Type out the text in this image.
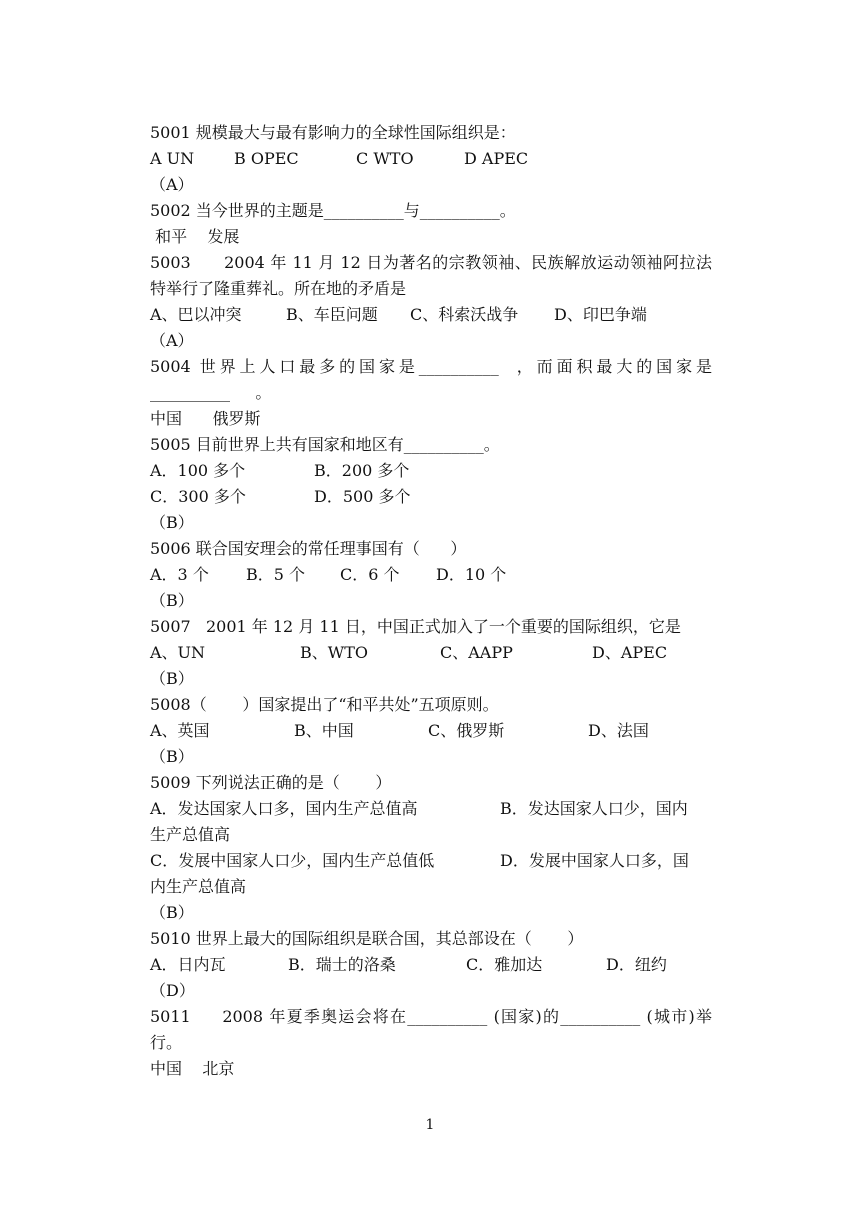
5001 规模最大与最有影响力的全球性国际组织是：
A UN B OPEC	C WTO	D APEC
（A）
5002 当今世界的主题是__________与__________。
和平    发展
5003      2004 年 11 月 12 日为著名的宗教领袖、民族解放运动领袖阿拉法
特举行了隆重葬礼。所在地的矛盾是
A、巴以冲突	B、车臣问题 C、科索沃战争 D、印巴争端
（A）
5004 世界上人口最多的国家是__________  ，而面积最大的国家是
__________     。
中国      俄罗斯
5005 目前世界上共有国家和地区有__________。
A．100 多个	B．200 多个
C．300 多个	D．500 多个
（B）
5006 联合国安理会的常任理事国有（      ）
A．3 个 B．5 个 C．6 个 D．10 个
（B）
5007   2001 年 12 月 11 日，中国正式加入了一个重要的国际组织，它是
A、UN	B、WTO	C、AAPP	D、APEC
（B）
5008（       ）国家提出了“和平共处”五项原则。
A、英国	B、中国	C、俄罗斯	D、法国
（B）
5009 下列说法正确的是（       ）
A．发达国家人口多，国内生产总值高	B．发达国家人口少，国内
生产总值高
C．发展中国家人口少，国内生产总值低	D．发展中国家人口多，国
内生产总值高
（B）
5010 世界上最大的国际组织是联合国，其总部设在（       ）
A．日内瓦	B．瑞士的洛桑	C．雅加达	D．纽约
（D）
5011     2008 年夏季奥运会将在__________ (国家)的__________ (城市)举
行。
中国    北京
1
